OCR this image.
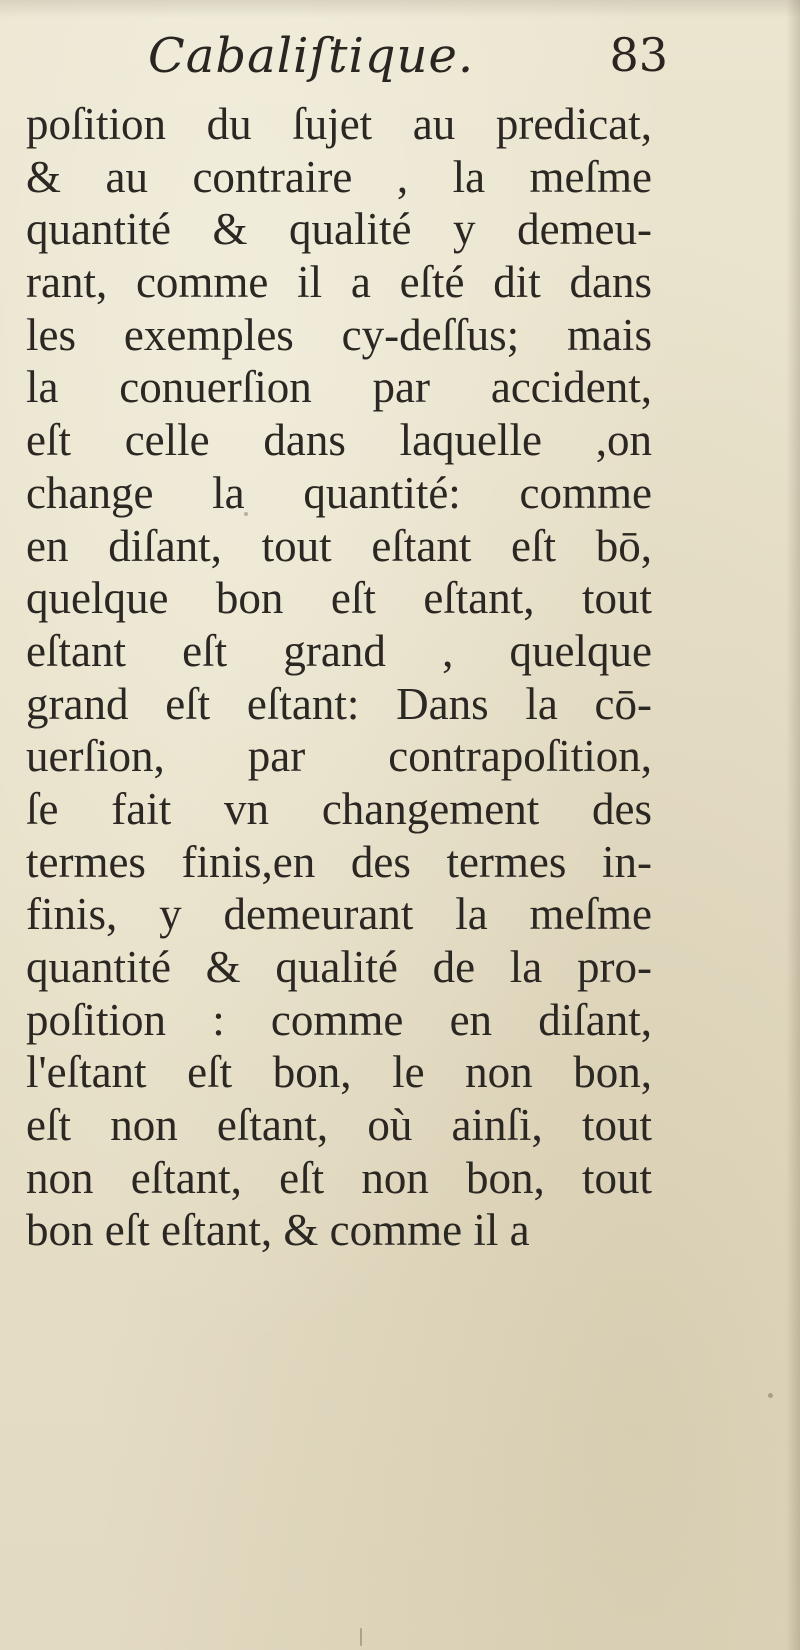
Cabaliſtique.	83
poſition du ſujet au predicat,
& au contraire , la meſme
quantité & qualité y demeu-
rant, comme il a eſté dit dans
les exemples cy-deſſus; mais
la conuerſion par accident,
eſt celle dans laquelle ,on
change la quantité: comme
en diſant, tout eſtant eſt bō,
quelque bon eſt eſtant, tout
eſtant eſt grand , quelque
grand eſt eſtant: Dans la cō-
uerſion, par contrapoſition,
ſe fait vn changement des
termes finis,en des termes in-
finis, y demeurant la meſme
quantité & qualité de la pro-
poſition : comme en diſant,
l'eſtant eſt bon, le non bon,
eſt non eſtant, où ainſi, tout
non eſtant, eſt non bon, tout
bon eſt eſtant, & comme il a
